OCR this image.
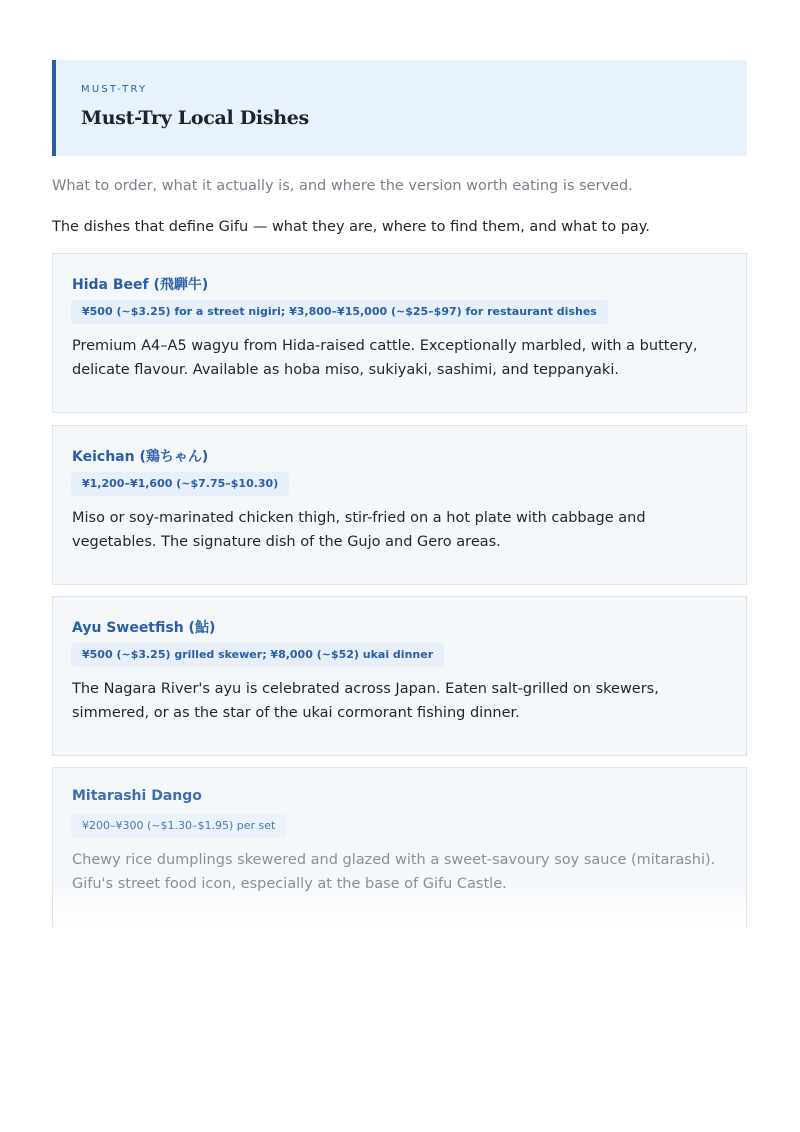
MUST-TRY
Must-Try Local Dishes
What to order, what it actually is, and where the version worth eating is served.
The dishes that define Gifu — what they are, where to find them, and what to pay.
Hida Beef (飛騨牛)
¥500 (~$3.25) for a street nigiri; ¥3,800–¥15,000 (~$25–$97) for restaurant dishes
Premium A4–A5 wagyu from Hida-raised cattle. Exceptionally marbled, with a buttery, delicate flavour. Available as hoba miso, sukiyaki, sashimi, and teppanyaki.
Keichan (鶏ちゃん)
¥1,200–¥1,600 (~$7.75–$10.30)
Miso or soy-marinated chicken thigh, stir-fried on a hot plate with cabbage and vegetables. The signature dish of the Gujo and Gero areas.
Ayu Sweetfish (鮎)
¥500 (~$3.25) grilled skewer; ¥8,000 (~$52) ukai dinner
The Nagara River's ayu is celebrated across Japan. Eaten salt-grilled on skewers, simmered, or as the star of the ukai cormorant fishing dinner.
Mitarashi Dango
¥200–¥300 (~$1.30–$1.95) per set
Chewy rice dumplings skewered and glazed with a sweet-savoury soy sauce (mitarashi). Gifu's street food icon, especially at the base of Gifu Castle.
